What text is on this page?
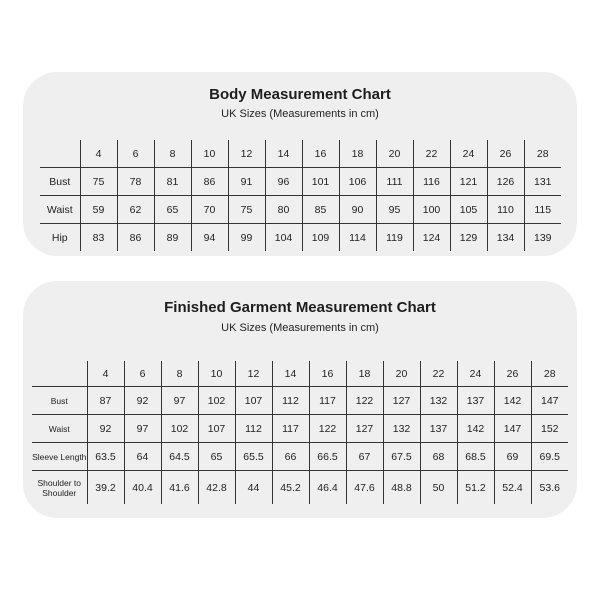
Body Measurement Chart

UK Sizes (Measurements in cm)

	4	6	8	10	12	14	16	18	20	22	24	26	28
Bust	75	78	81	86	91	96	101	106	111	116	121	126	131
Waist	59	62	65	70	75	80	85	90	95	100	105	110	115
Hip	83	86	89	94	99	104	109	114	119	124	129	134	139
Finished Garment Measurement Chart

UK Sizes (Measurements in cm)

	4	6	8	10	12	14	16	18	20	22	24	26	28
Bust	87	92	97	102	107	112	117	122	127	132	137	142	147
Waist	92	97	102	107	112	117	122	127	132	137	142	147	152
Sleeve Length	63.5	64	64.5	65	65.5	66	66.5	67	67.5	68	68.5	69	69.5
Shoulder to Shoulder	39.2	40.4	41.6	42.8	44	45.2	46.4	47.6	48.8	50	51.2	52.4	53.6
